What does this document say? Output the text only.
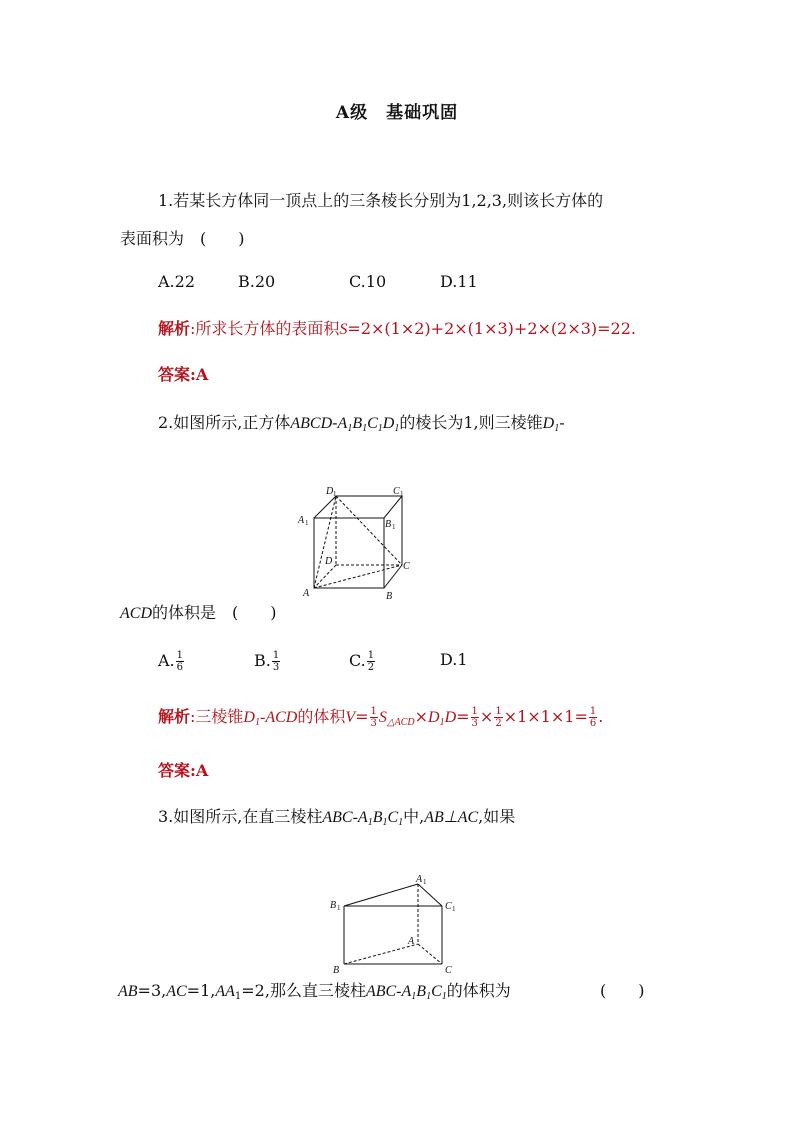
A级　基础巩固
1.若某长方体同一顶点上的三条棱长分别为1,2,3,则该长方体的
表面积为　(　　)
A.22	B.20	C.10	D.11
解析:所求长方体的表面积S=2×(1×2)+2×(1×3)+2×(2×3)=22.
答案:A
2.如图所示,正方体ABCD-$A_1B_1C_1D_1$的棱长为1,则三棱锥$D_1-$
D 1	C 1
A 1	B 1
D	C
A	B
ACD的体积是　(　　)
A. $\frac{1}{6}$	B. $\frac{1}{3}$	C. $\frac{1}{2}$	D.1
解析:三棱锥$D_1$-ACD的体积$V= \frac{1}{3} S_{\triangle ACD}\times D_1D= \frac{1}{3} \times \frac{1}{2} \times 1\times 1\times 1= \frac{1}{6}$ .
答案:A
3.如图所示,在直三棱柱ABC-$A_1B_1C_1$中,AB⊥AC,如果
A 1
B 1	C 1
A
B	C
$AB=3,AC=1,AA_1=2$,那么直三棱柱ABC-$A_1B_1C_1$的体积为	(　　)
